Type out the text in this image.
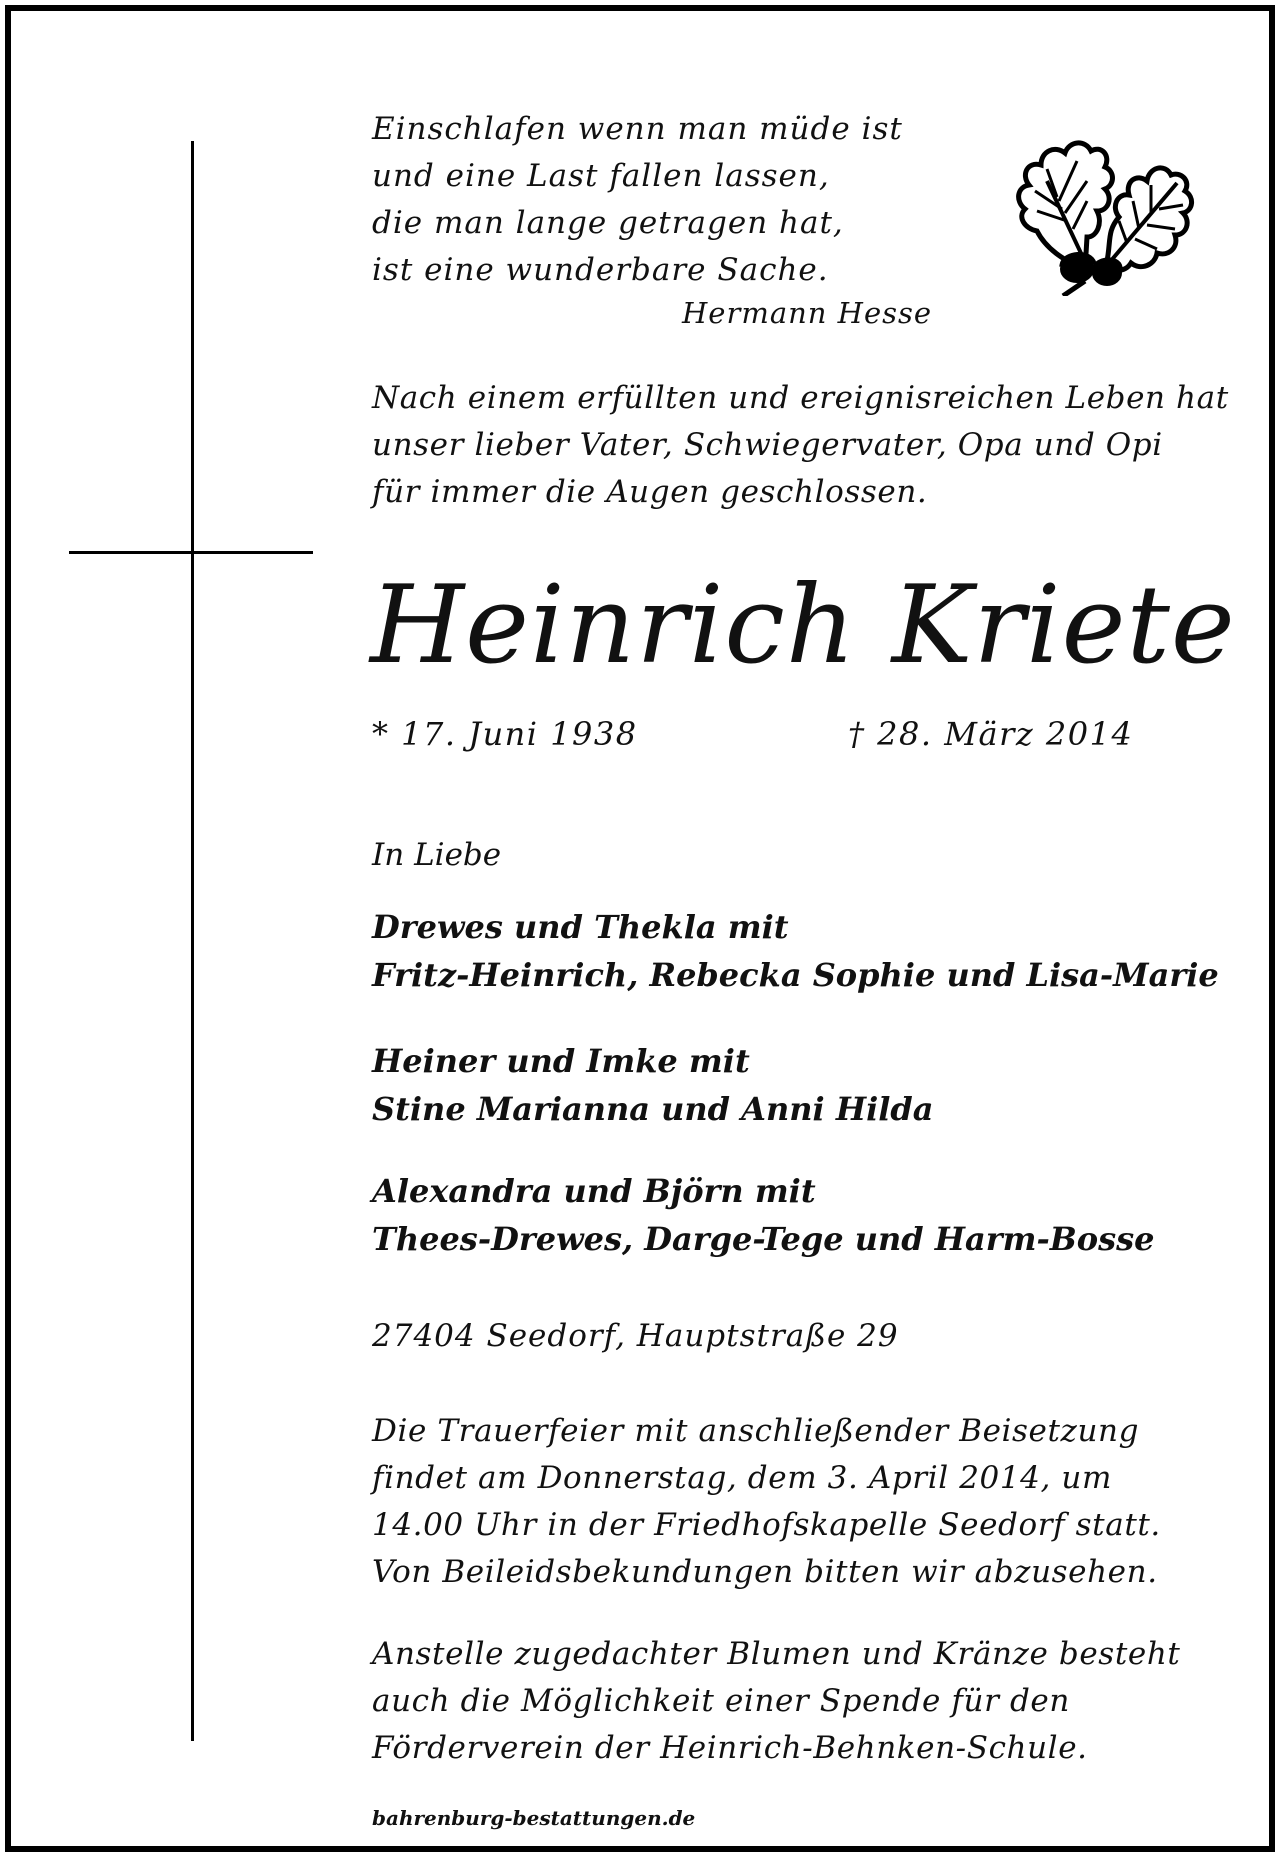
Einschlafen wenn man müde ist
und eine Last fallen lassen,
die man lange getragen hat,
ist eine wunderbare Sache.
Hermann Hesse
Nach einem erfüllten und ereignisreichen Leben hat
unser lieber Vater, Schwiegervater, Opa und Opi
für immer die Augen geschlossen.
Heinrich Kriete
* 17. Juni 1938	† 28. März 2014
In Liebe
Drewes und Thekla mit
Fritz-Heinrich, Rebecka Sophie und Lisa-Marie
Heiner und Imke mit
Stine Marianna und Anni Hilda
Alexandra und Björn mit
Thees-Drewes, Darge-Tege und Harm-Bosse
27404 Seedorf, Hauptstraße 29
Die Trauerfeier mit anschließender Beisetzung
findet am Donnerstag, dem 3. April 2014, um
14.00 Uhr in der Friedhofskapelle Seedorf statt.
Von Beileidsbekundungen bitten wir abzusehen.
Anstelle zugedachter Blumen und Kränze besteht
auch die Möglichkeit einer Spende für den
Förderverein der Heinrich-Behnken-Schule.
bahrenburg-bestattungen.de
